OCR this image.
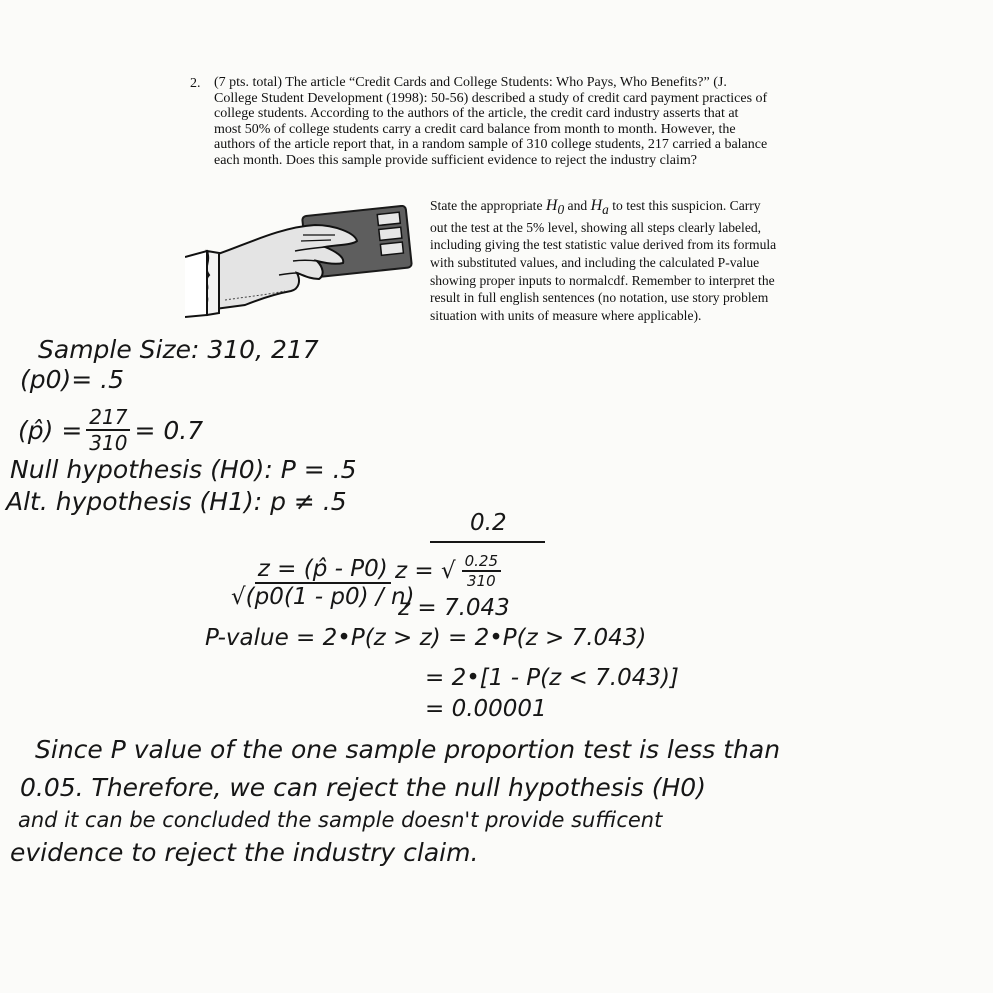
2. (7 pts. total) The article “Credit Cards and College Students: Who Pays, Who Benefits?” (J.
College Student Development (1998): 50-56) described a study of credit card payment practices of
college students. According to the authors of the article, the credit card industry asserts that at
most 50% of college students carry a credit card balance from month to month. However, the
authors of the article report that, in a random sample of 310 college students, 217 carried a balance
each month. Does this sample provide sufficient evidence to reject the industry claim?
State the appropriate $H_0$ and $H_a$ to test this suspicion. Carry
out the test at the 5% level, showing all steps clearly labeled,
including giving the test statistic value derived from its formula
with substituted values, and including the calculated P-value
showing proper inputs to normalcdf. Remember to interpret the
result in full english sentences (no notation, use story problem
situation with units of measure where applicable).
Sample Size: 310, 217
(p0)= .5
(p̂) = $\frac{217}{310} = 0.7$
Null hypothesis (H0): P = .5
Alt. hypothesis (H1): p ≠ .5
$\frac{z = (p̂ - P0)}{√(p0(1 - p0) / n)}$
0.2
z = √ $\frac{0.25}{310}$
z = 7.043
P-value = 2•P(z > z) = 2•P(z > 7.043)
= 2•[1 - P(z < 7.043)]
= 0.00001
Since P value of the one sample proportion test is less than
0.05. Therefore, we can reject the null hypothesis (H0)
and it can be concluded the sample doesn't provide sufficent
evidence to reject the industry claim.
